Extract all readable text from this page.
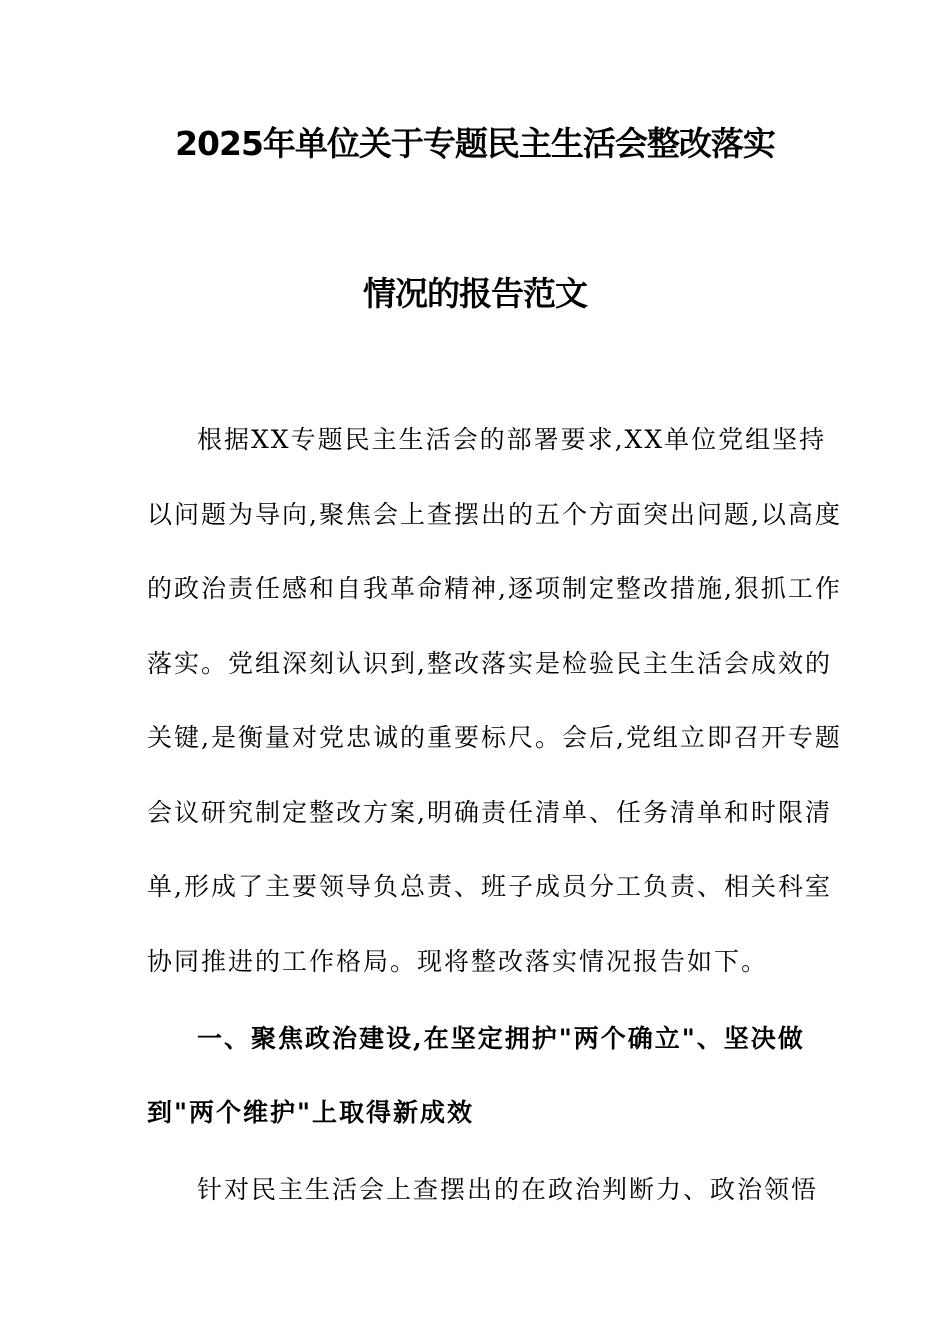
2025年单位关于专题民主生活会整改落实
情况的报告范文
根据XX专题民主生活会的部署要求,XX单位党组坚持
以问题为导向,聚焦会上查摆出的五个方面突出问题,以高度
的政治责任感和自我革命精神,逐项制定整改措施,狠抓工作
落实。党组深刻认识到,整改落实是检验民主生活会成效的
关键,是衡量对党忠诚的重要标尺。会后,党组立即召开专题
会议研究制定整改方案,明确责任清单、任务清单和时限清
单,形成了主要领导负总责、班子成员分工负责、相关科室
协同推进的工作格局。现将整改落实情况报告如下。
一、聚焦政治建设,在坚定拥护"两个确立"、坚决做
到"两个维护"上取得新成效
针对民主生活会上查摆出的在政治判断力、政治领悟
